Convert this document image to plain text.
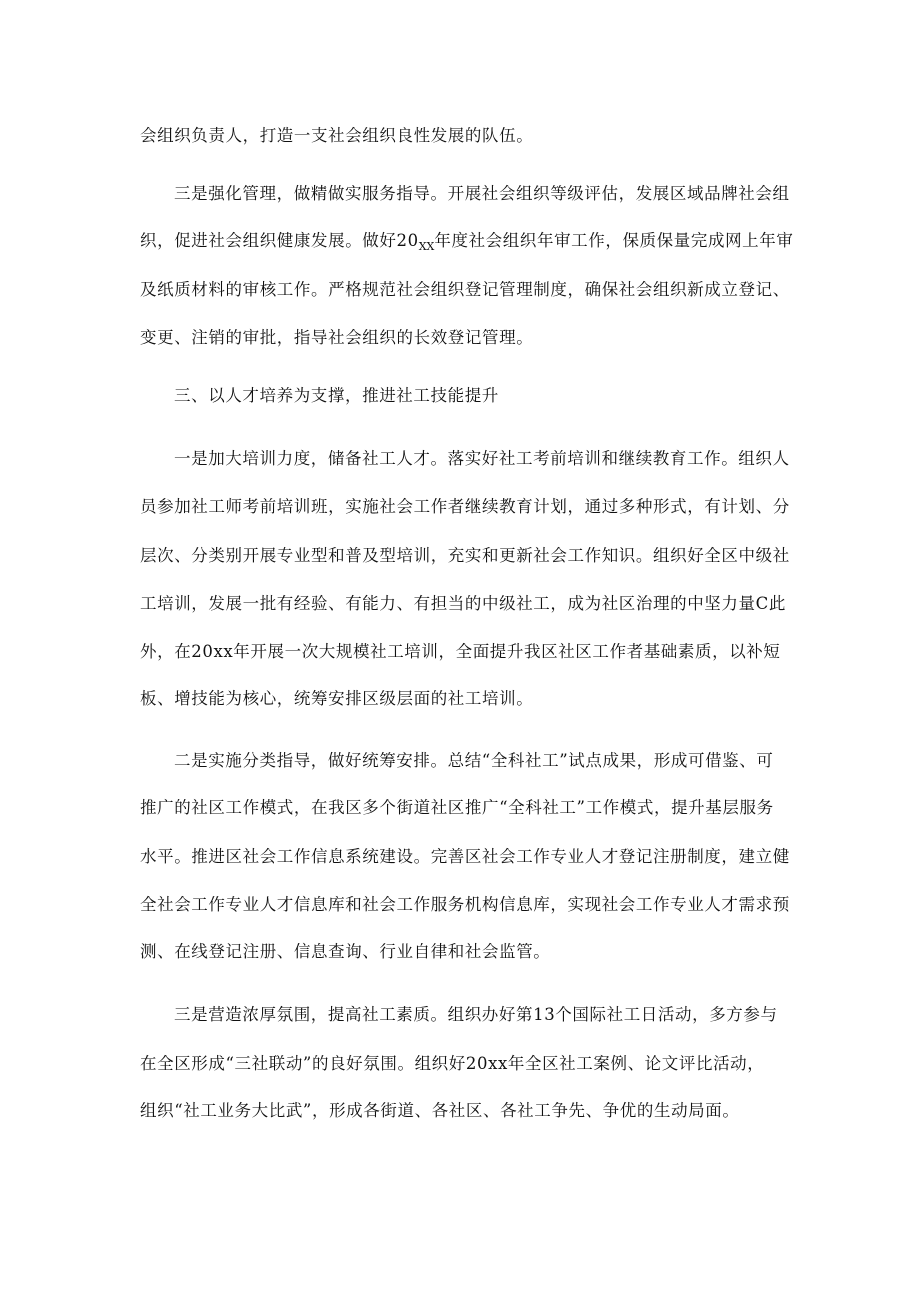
会组织负责人，打造一支社会组织良性发展的队伍。
三是强化管理，做精做实服务指导。开展社会组织等级评估，发展区域品牌社会组
织，促进社会组织健康发展。做好$20_{XX}$年度社会组织年审工作，保质保量完成网上年审
及纸质材料的审核工作。严格规范社会组织登记管理制度，确保社会组织新成立登记、
变更、注销的审批，指导社会组织的长效登记管理。
三、以人才培养为支撑，推进社工技能提升
一是加大培训力度，储备社工人才。落实好社工考前培训和继续教育工作。组织人
员参加社工师考前培训班，实施社会工作者继续教育计划，通过多种形式，有计划、分
层次、分类别开展专业型和普及型培训，充实和更新社会工作知识。组织好全区中级社
工培训，发展一批有经验、有能力、有担当的中级社工，成为社区治理的中坚力量C此
外，在20xx年开展一次大规模社工培训，全面提升我区社区工作者基础素质，以补短
板、增技能为核心，统筹安排区级层面的社工培训。
二是实施分类指导，做好统筹安排。总结“全科社工”试点成果，形成可借鉴、可
推广的社区工作模式，在我区多个街道社区推广“全科社工”工作模式，提升基层服务
水平。推进区社会工作信息系统建设。完善区社会工作专业人才登记注册制度，建立健
全社会工作专业人才信息库和社会工作服务机构信息库，实现社会工作专业人才需求预
测、在线登记注册、信息查询、行业自律和社会监管。
三是营造浓厚氛围，提高社工素质。组织办好第13个国际社工日活动，多方参与
在全区形成“三社联动”的良好氛围。组织好20xx年全区社工案例、论文评比活动，
组织“社工业务大比武”，形成各街道、各社区、各社工争先、争优的生动局面。
